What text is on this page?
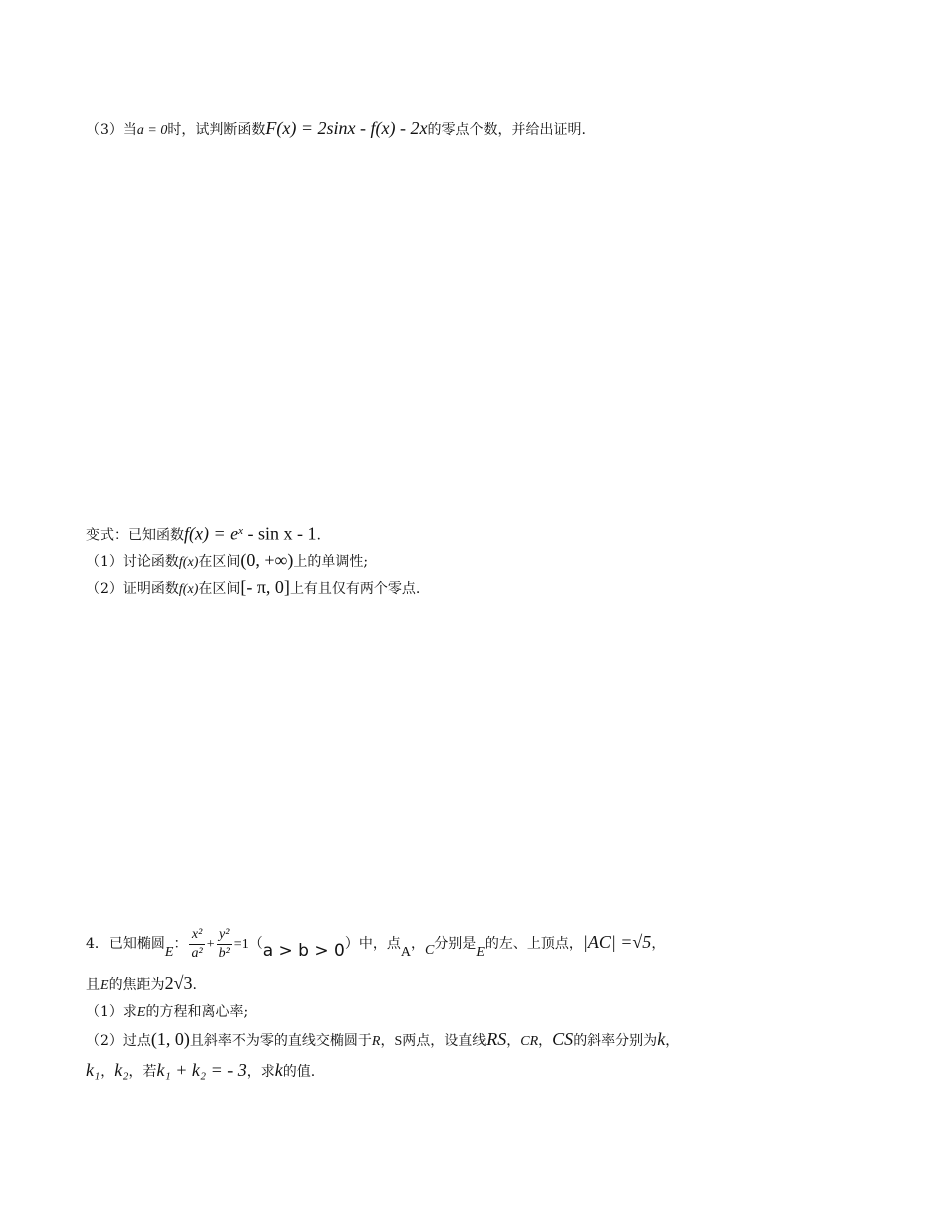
（3）当a = 0时，试判断函数F(x) = 2sinx - f(x) - 2x的零点个数，并给出证明.
变式：已知函数$f(x) = e^x - \sin x - 1$.
（1）讨论函数f(x)在区间(0, +∞)上的单调性;
（2）证明函数f(x)在区间[- π, 0]上有且仅有两个零点.
4．已知椭圆E： $\frac{\text{x²}}{\text{a²}} + \frac{\text{y²}}{\text{b²}} =1(a > b > 0)$中，点A，C分别是E的左、上顶点，|AC| =√5，
且E的焦距为2√3.
（1）求E的方程和离心率;
（2）过点(1, 0)且斜率不为零的直线交椭圆于R，S两点，设直线RS，CR，CS的斜率分别为k，
k₁，k₂，若k₁ + k₂ = - 3，求k的值.
